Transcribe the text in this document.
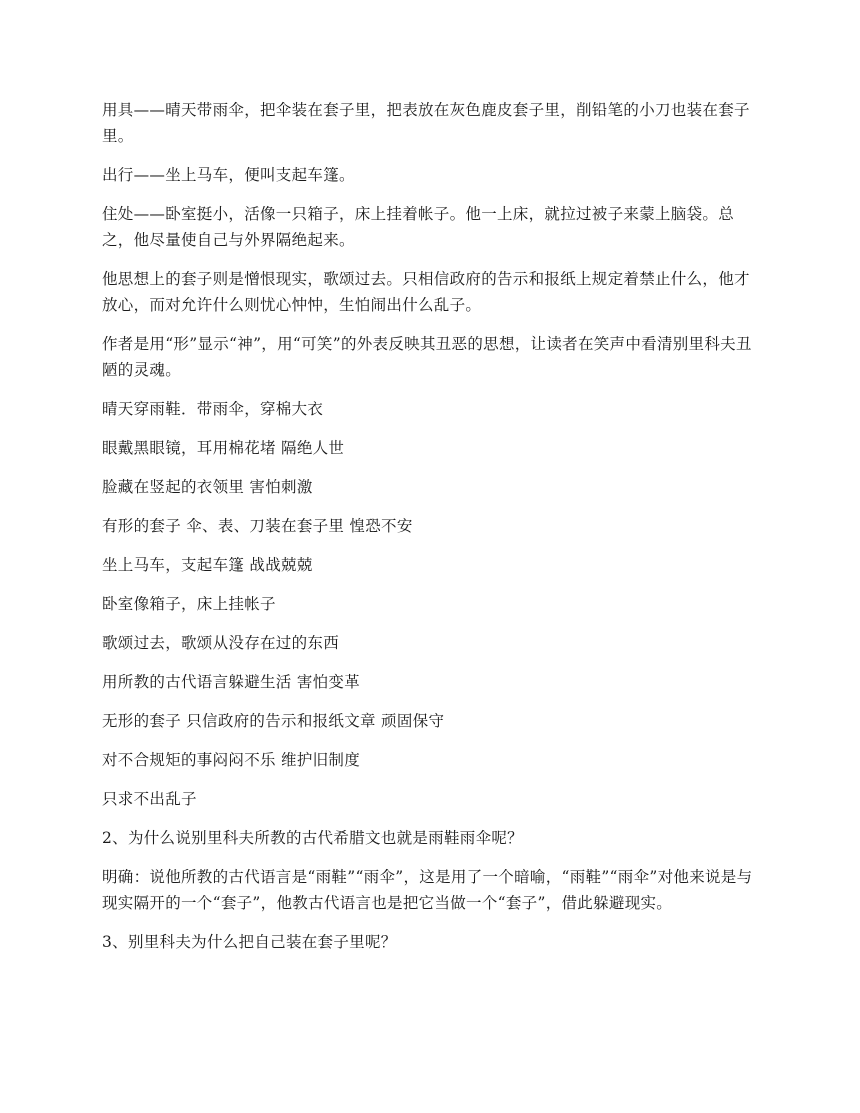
用具——晴天带雨伞，把伞装在套子里，把表放在灰色鹿皮套子里，削铅笔的小刀也装在套子里。

出行——坐上马车，便叫支起车篷。

住处——卧室挺小，活像一只箱子，床上挂着帐子。他一上床，就拉过被子来蒙上脑袋。总之，他尽量使自己与外界隔绝起来。

他思想上的套子则是憎恨现实，歌颂过去。只相信政府的告示和报纸上规定着禁止什么，他才放心，而对允许什么则忧心忡忡，生怕闹出什么乱子。

作者是用“形”显示“神”，用“可笑”的外表反映其丑恶的思想，让读者在笑声中看清别里科夫丑陋的灵魂。

晴天穿雨鞋．带雨伞，穿棉大衣

眼戴黑眼镜，耳用棉花堵 隔绝人世

脸藏在竖起的衣领里 害怕刺激

有形的套子 伞、表、刀装在套子里 惶恐不安

坐上马车，支起车篷 战战兢兢

卧室像箱子，床上挂帐子

歌颂过去，歌颂从没存在过的东西

用所教的古代语言躲避生活 害怕变革

无形的套子 只信政府的告示和报纸文章 顽固保守

对不合规矩的事闷闷不乐 维护旧制度

只求不出乱子

2、为什么说别里科夫所教的古代希腊文也就是雨鞋雨伞呢？

明确：说他所教的古代语言是“雨鞋”“雨伞”，这是用了一个暗喻，“雨鞋”“雨伞”对他来说是与现实隔开的一个“套子”，他教古代语言也是把它当做一个“套子”，借此躲避现实。

3、别里科夫为什么把自己装在套子里呢？
